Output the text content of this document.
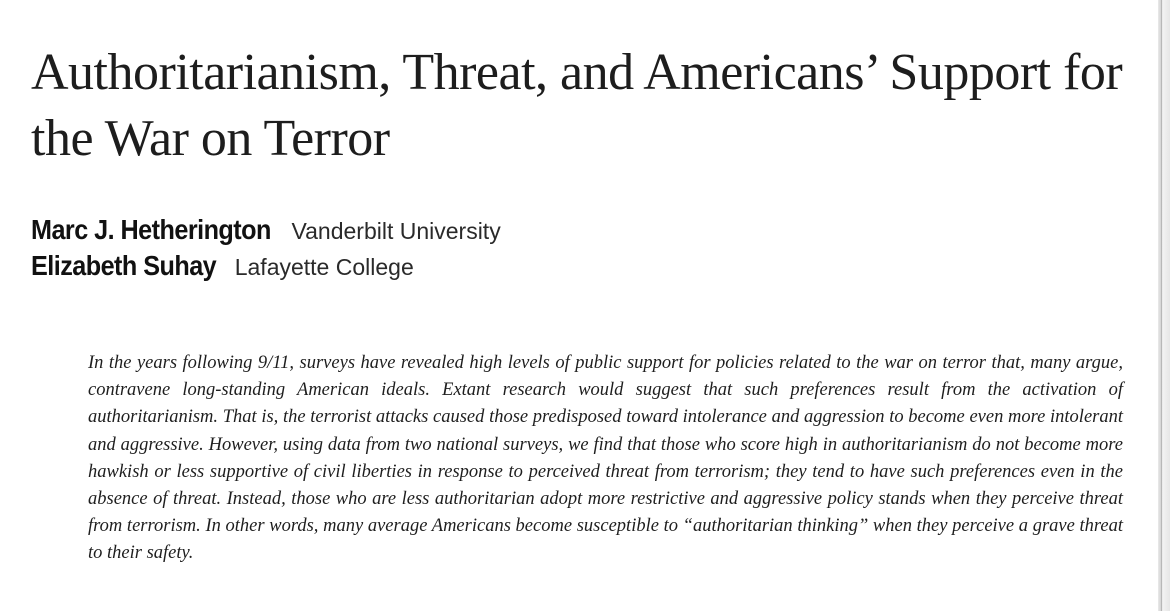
Authoritarianism, Threat, and Americans’ Support for the War on Terror
Marc J. Hetherington Vanderbilt University
Elizabeth Suhay Lafayette College

In the years following 9/11, surveys have revealed high levels of public support for policies related to the war on terror that, many argue, contravene long-standing American ideals. Extant research would suggest that such preferences result from the activation of authoritarianism. That is, the terrorist attacks caused those predisposed toward intolerance and aggression to become even more intolerant and aggressive. However, using data from two national surveys, we find that those who score high in authoritarianism do not become more hawkish or less supportive of civil liberties in response to perceived threat from terrorism; they tend to have such preferences even in the absence of threat. Instead, those who are less authoritarian adopt more restrictive and aggressive policy stands when they perceive threat from terrorism. In other words, many average Americans become susceptible to “authoritarian thinking” when they perceive a grave threat to their safety.
